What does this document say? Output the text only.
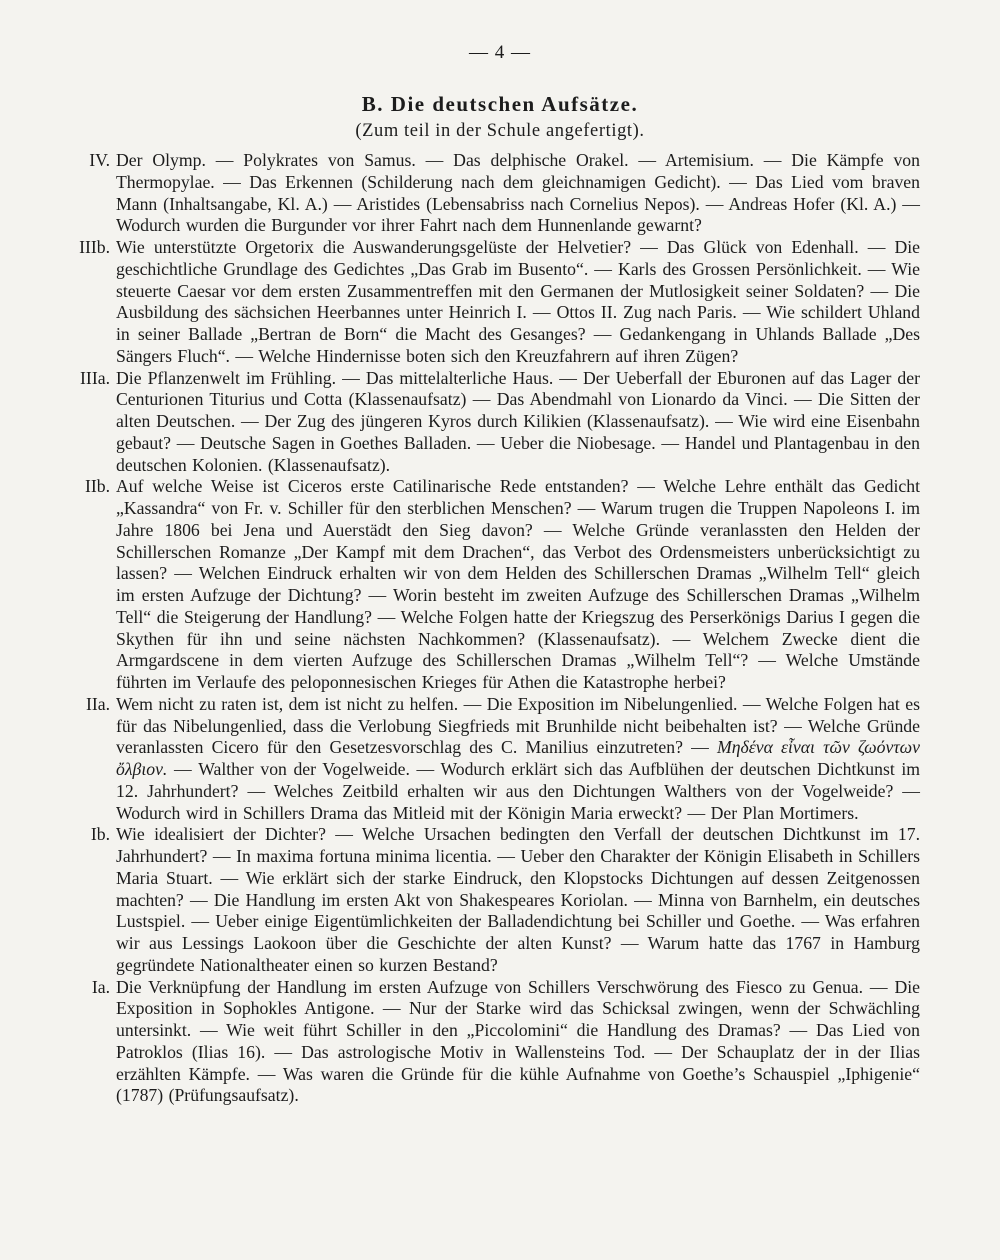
— 4 —
B. Die deutschen Aufsätze.
(Zum teil in der Schule angefertigt).
IV. Der Olymp. — Polykrates von Samus. — Das delphische Orakel. — Artemisium. — Die Kämpfe von Thermopylae. — Das Erkennen (Schilderung nach dem gleichnamigen Gedicht). — Das Lied vom braven Mann (Inhaltsangabe, Kl. A.) — Aristides (Lebensabriss nach Cornelius Nepos). — Andreas Hofer (Kl. A.) — Wodurch wurden die Burgunder vor ihrer Fahrt nach dem Hunnenlande gewarnt?
IIIb. Wie unterstützte Orgetorix die Auswanderungsgelüste der Helvetier? — Das Glück von Edenhall. — Die geschichtliche Grundlage des Gedichtes „Das Grab im Busento“. — Karls des Grossen Persönlichkeit. — Wie steuerte Caesar vor dem ersten Zusammentreffen mit den Germanen der Mutlosigkeit seiner Soldaten? — Die Ausbildung des sächsichen Heerbannes unter Heinrich I. — Ottos II. Zug nach Paris. — Wie schildert Uhland in seiner Ballade „Bertran de Born“ die Macht des Gesanges? — Gedankengang in Uhlands Ballade „Des Sängers Fluch“. — Welche Hindernisse boten sich den Kreuzfahrern auf ihren Zügen?
IIIa. Die Pflanzenwelt im Frühling. — Das mittelalterliche Haus. — Der Ueberfall der Eburonen auf das Lager der Centurionen Titurius und Cotta (Klassenaufsatz) — Das Abendmahl von Lionardo da Vinci. — Die Sitten der alten Deutschen. — Der Zug des jüngeren Kyros durch Kilikien (Klassenaufsatz). — Wie wird eine Eisenbahn gebaut? — Deutsche Sagen in Goethes Balladen. — Ueber die Niobesage. — Handel und Plantagenbau in den deutschen Kolonien. (Klassenaufsatz).
IIb. Auf welche Weise ist Ciceros erste Catilinarische Rede entstanden? — Welche Lehre enthält das Gedicht „Kassandra“ von Fr. v. Schiller für den sterblichen Menschen? — Warum trugen die Truppen Napoleons I. im Jahre 1806 bei Jena und Auerstädt den Sieg davon? — Welche Gründe veranlassten den Helden der Schillerschen Romanze „Der Kampf mit dem Drachen“, das Verbot des Ordensmeisters unberücksichtigt zu lassen? — Welchen Eindruck erhalten wir von dem Helden des Schillerschen Dramas „Wilhelm Tell“ gleich im ersten Aufzuge der Dichtung? — Worin besteht im zweiten Aufzuge des Schillerschen Dramas „Wilhelm Tell“ die Steigerung der Handlung? — Welche Folgen hatte der Kriegszug des Perserkönigs Darius I gegen die Skythen für ihn und seine nächsten Nachkommen? (Klassenaufsatz). — Welchem Zwecke dient die Armgardscene in dem vierten Aufzuge des Schillerschen Dramas „Wilhelm Tell“? — Welche Umstände führten im Verlaufe des peloponnesischen Krieges für Athen die Katastrophe herbei?
IIa. Wem nicht zu raten ist, dem ist nicht zu helfen. — Die Exposition im Nibelungenlied. — Welche Folgen hat es für das Nibelungenlied, dass die Verlobung Siegfrieds mit Brunhilde nicht beibehalten ist? — Welche Gründe veranlassten Cicero für den Gesetzesvorschlag des C. Manilius einzutreten? — Μηδένα εἶναι τῶν ζωόντων ὄλβιον. — Walther von der Vogelweide. — Wodurch erklärt sich das Aufblühen der deutschen Dichtkunst im 12. Jahrhundert? — Welches Zeitbild erhalten wir aus den Dichtungen Walthers von der Vogelweide? — Wodurch wird in Schillers Drama das Mitleid mit der Königin Maria erweckt? — Der Plan Mortimers.
Ib. Wie idealisiert der Dichter? — Welche Ursachen bedingten den Verfall der deutschen Dichtkunst im 17. Jahrhundert? — In maxima fortuna minima licentia. — Ueber den Charakter der Königin Elisabeth in Schillers Maria Stuart. — Wie erklärt sich der starke Eindruck, den Klopstocks Dichtungen auf dessen Zeitgenossen machten? — Die Handlung im ersten Akt von Shakespeares Koriolan. — Minna von Barnhelm, ein deutsches Lustspiel. — Ueber einige Eigentümlichkeiten der Balladendichtung bei Schiller und Goethe. — Was erfahren wir aus Lessings Laokoon über die Geschichte der alten Kunst? — Warum hatte das 1767 in Hamburg gegründete Nationaltheater einen so kurzen Bestand?
Ia. Die Verknüpfung der Handlung im ersten Aufzuge von Schillers Verschwörung des Fiesco zu Genua. — Die Exposition in Sophokles Antigone. — Nur der Starke wird das Schicksal zwingen, wenn der Schwächling untersinkt. — Wie weit führt Schiller in den „Piccolomini“ die Handlung des Dramas? — Das Lied von Patroklos (Ilias 16). — Das astrologische Motiv in Wallensteins Tod. — Der Schauplatz der in der Ilias erzählten Kämpfe. — Was waren die Gründe für die kühle Aufnahme von Goethe’s Schauspiel „Iphigenie“ (1787) (Prüfungsaufsatz).
